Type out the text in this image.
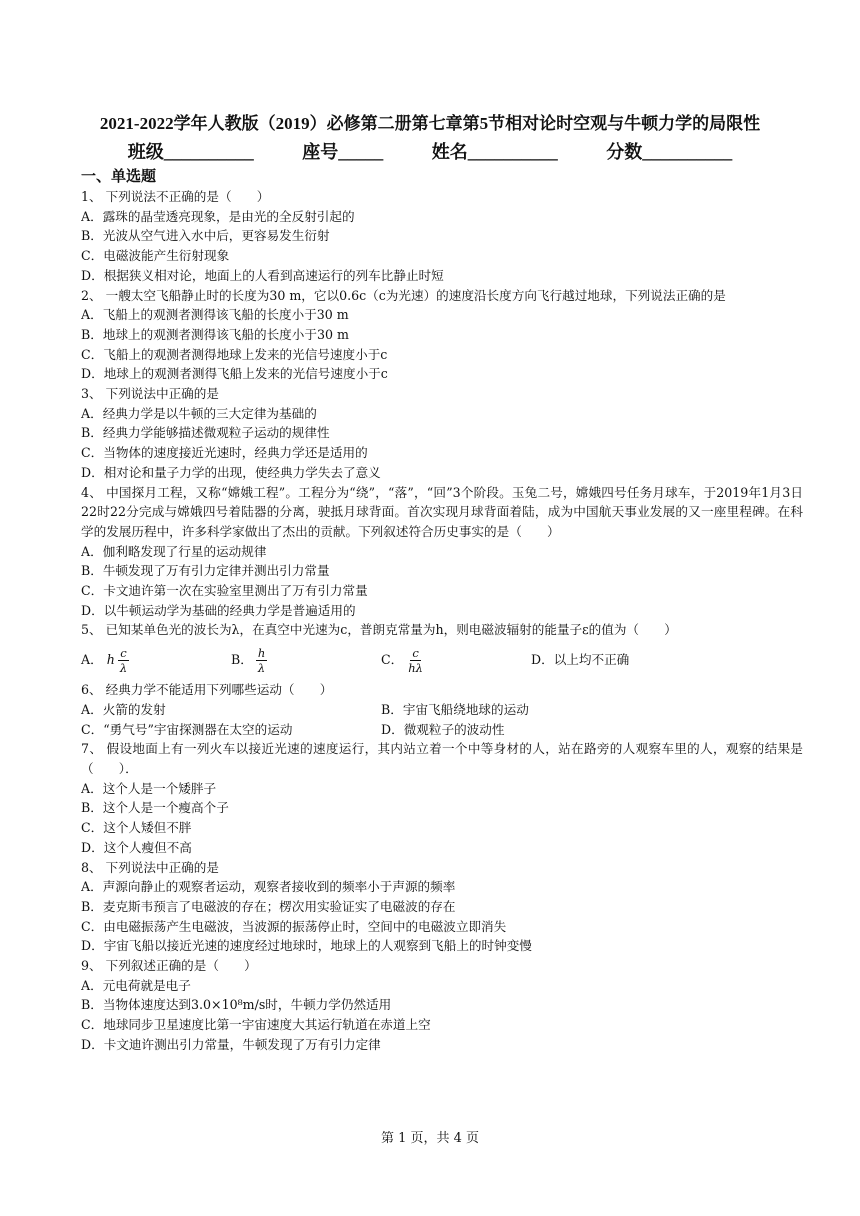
2021-2022学年人教版（2019）必修第二册第七章第5节相对论时空观与牛顿力学的局限性
班级__________	座号_____	姓名__________	分数__________
一、单选题
1、 下列说法不正确的是（　　）
A．露珠的晶莹透亮现象，是由光的全反射引起的
B．光波从空气进入水中后，更容易发生衍射
C．电磁波能产生衍射现象
D．根据狭义相对论，地面上的人看到高速运行的列车比静止时短
2、 一艘太空飞船静止时的长度为30 m，它以0.6c（c为光速）的速度沿长度方向飞行越过地球，下列说法正确的是
A．飞船上的观测者测得该飞船的长度小于30 m
B．地球上的观测者测得该飞船的长度小于30 m
C．飞船上的观测者测得地球上发来的光信号速度小于c
D．地球上的观测者测得飞船上发来的光信号速度小于c
3、 下列说法中正确的是
A．经典力学是以牛顿的三大定律为基础的
B．经典力学能够描述微观粒子运动的规律性
C．当物体的速度接近光速时，经典力学还是适用的
D．相对论和量子力学的出现，使经典力学失去了意义
4、 中国探月工程，又称“嫦娥工程”。工程分为“绕”，“落”，“回”3个阶段。玉兔二号，嫦娥四号任务月球车，于2019年1月3日22时22分完成与嫦娥四号着陆器的分离，驶抵月球背面。首次实现月球背面着陆，成为中国航天事业发展的又一座里程碑。在科学的发展历程中，许多科学家做出了杰出的贡献。下列叙述符合历史事实的是（　　）
A．伽利略发现了行星的运动规律
B．牛顿发现了万有引力定律并测出引力常量
C．卡文迪许第一次在实验室里测出了万有引力常量
D．以牛顿运动学为基础的经典力学是普遍适用的
5、 已知某单色光的波长为λ，在真空中光速为c，普朗克常量为h，则电磁波辐射的能量子ε的值为（　　）
A． h $\frac{c}{\lambda}$	B． $\frac{h}{\lambda}$	C． $\frac{c}{h\lambda}$	D．以上均不正确
6、 经典力学不能适用下列哪些运动（　　）
A．火箭的发射	B．宇宙飞船绕地球的运动
C．“勇气号”宇宙探测器在太空的运动	D．微观粒子的波动性
7、 假设地面上有一列火车以接近光速的速度运行，其内站立着一个中等身材的人，站在路旁的人观察车里的人，观察的结果是（　　）．
A．这个人是一个矮胖子
B．这个人是一个瘦高个子
C．这个人矮但不胖
D．这个人瘦但不高
8、 下列说法中正确的是
A．声源向静止的观察者运动，观察者接收到的频率小于声源的频率
B．麦克斯韦预言了电磁波的存在；楞次用实验证实了电磁波的存在
C．由电磁振荡产生电磁波，当波源的振荡停止时，空间中的电磁波立即消失
D．宇宙飞船以接近光速的速度经过地球时，地球上的人观察到飞船上的时钟变慢
9、 下列叙述正确的是（　　）
A．元电荷就是电子
B．当物体速度达到3.0×10⁸m/s时，牛顿力学仍然适用
C．地球同步卫星速度比第一宇宙速度大其运行轨道在赤道上空
D．卡文迪许测出引力常量，牛顿发现了万有引力定律
第 1 页，共 4 页
